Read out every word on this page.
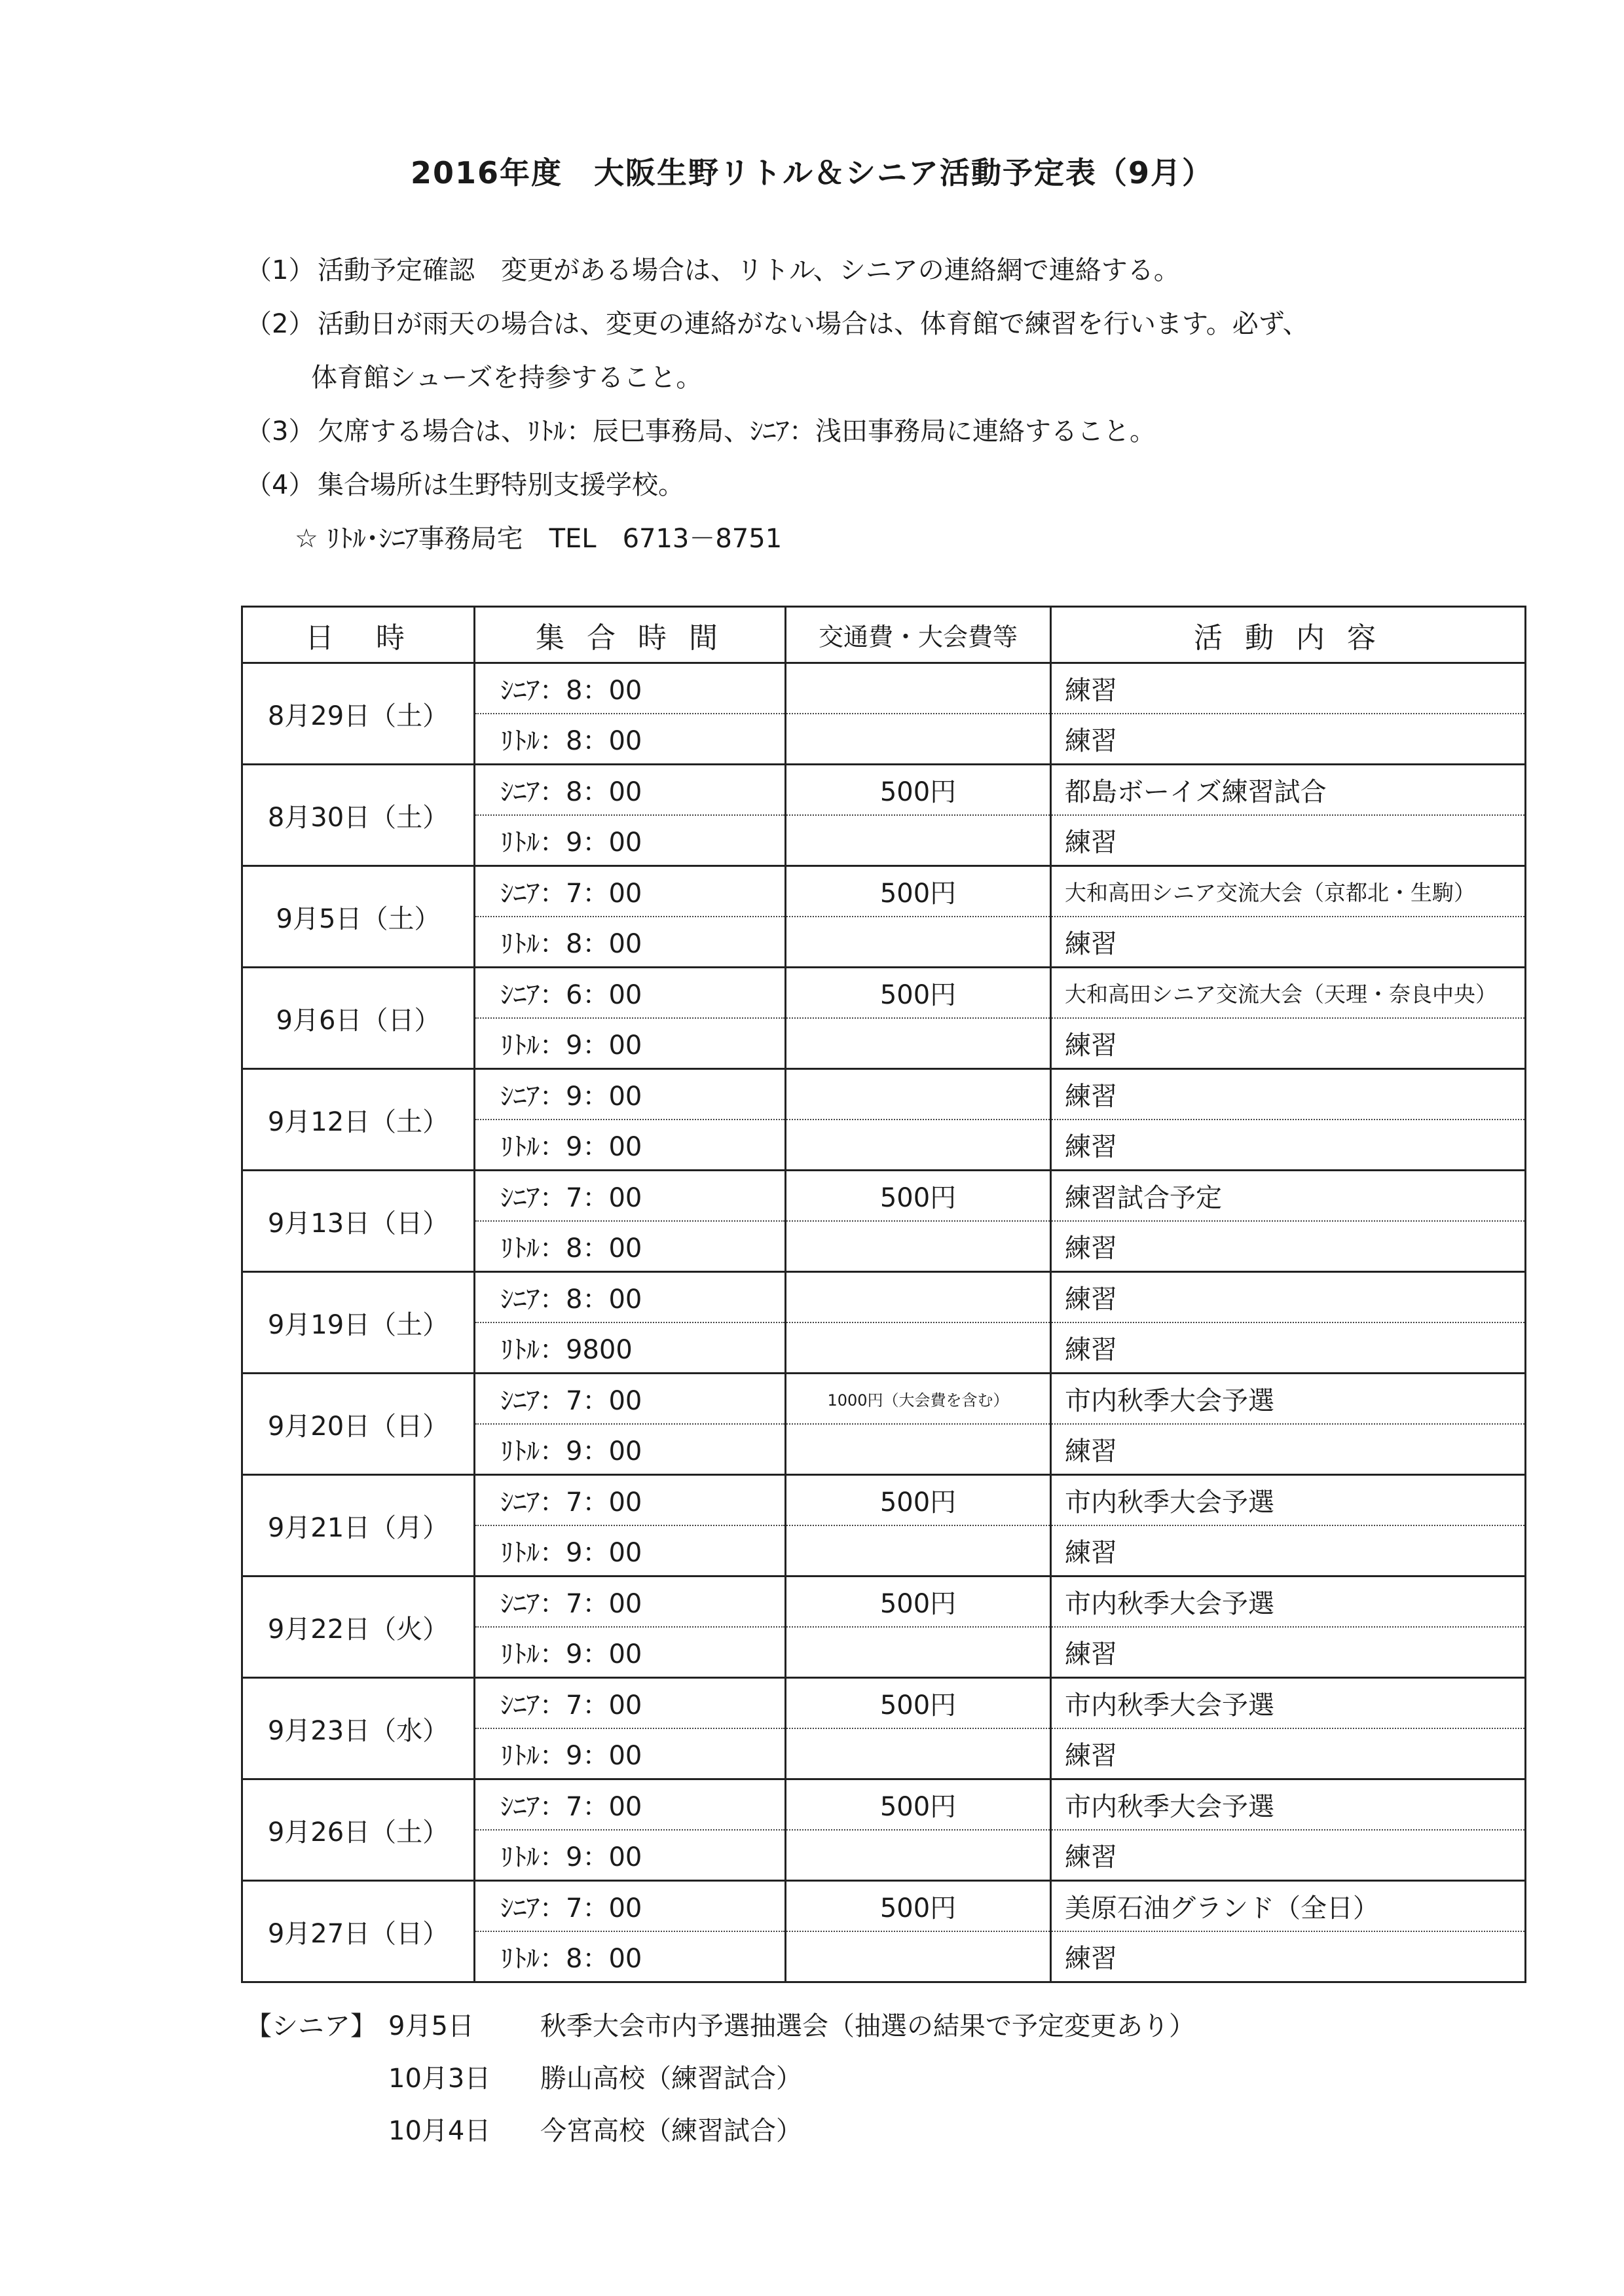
2016年度　大阪生野リトル＆シニア活動予定表（9月）
（1） 活動予定確認　変更がある場合は、リトル、シニアの連絡網で連絡する。
（2） 活動日が雨天の場合は、変更の連絡がない場合は、体育館で練習を行います。必ず、
体育館シューズを持参すること。
（3） 欠席する場合は、ﾘﾄﾙ：辰巳事務局、ｼﾆｱ：浅田事務局に連絡すること。
（4） 集合場所は生野特別支援学校。
☆ ﾘﾄﾙ･ｼﾆｱ事務局宅　TEL　6713－8751
日　時	集 合 時 間	交通費・大会費等	活 動 内 容
8月29日（土）	ｼﾆｱ：8：00		練習
	ﾘﾄﾙ：8：00		練習
8月30日（土）	ｼﾆｱ：8：00	500円	都島ボーイズ練習試合
	ﾘﾄﾙ：9：00		練習
9月5日（土）	ｼﾆｱ：7：00	500円	大和高田シニア交流大会（京都北・生駒）
	ﾘﾄﾙ：8：00		練習
9月6日（日）	ｼﾆｱ：6：00	500円	大和高田シニア交流大会（天理・奈良中央）
	ﾘﾄﾙ：9：00		練習
9月12日（土）	ｼﾆｱ：9：00		練習
	ﾘﾄﾙ：9：00		練習
9月13日（日）	ｼﾆｱ：7：00	500円	練習試合予定
	ﾘﾄﾙ：8：00		練習
9月19日（土）	ｼﾆｱ：8：00		練習
	ﾘﾄﾙ：9800		練習
9月20日（日）	ｼﾆｱ：7：00	1000円（大会費を含む）	市内秋季大会予選
	ﾘﾄﾙ：9：00		練習
9月21日（月）	ｼﾆｱ：7：00	500円	市内秋季大会予選
	ﾘﾄﾙ：9：00		練習
9月22日（火）	ｼﾆｱ：7：00	500円	市内秋季大会予選
	ﾘﾄﾙ：9：00		練習
9月23日（水）	ｼﾆｱ：7：00	500円	市内秋季大会予選
	ﾘﾄﾙ：9：00		練習
9月26日（土）	ｼﾆｱ：7：00	500円	市内秋季大会予選
	ﾘﾄﾙ：9：00		練習
9月27日（日）	ｼﾆｱ：7：00	500円	美原石油グランド（全日）
	ﾘﾄﾙ：8：00		練習
【シニア】 9月5日	秋季大会市内予選抽選会（抽選の結果で予定変更あり）
10月3日	勝山高校（練習試合）
10月4日	今宮高校（練習試合）
